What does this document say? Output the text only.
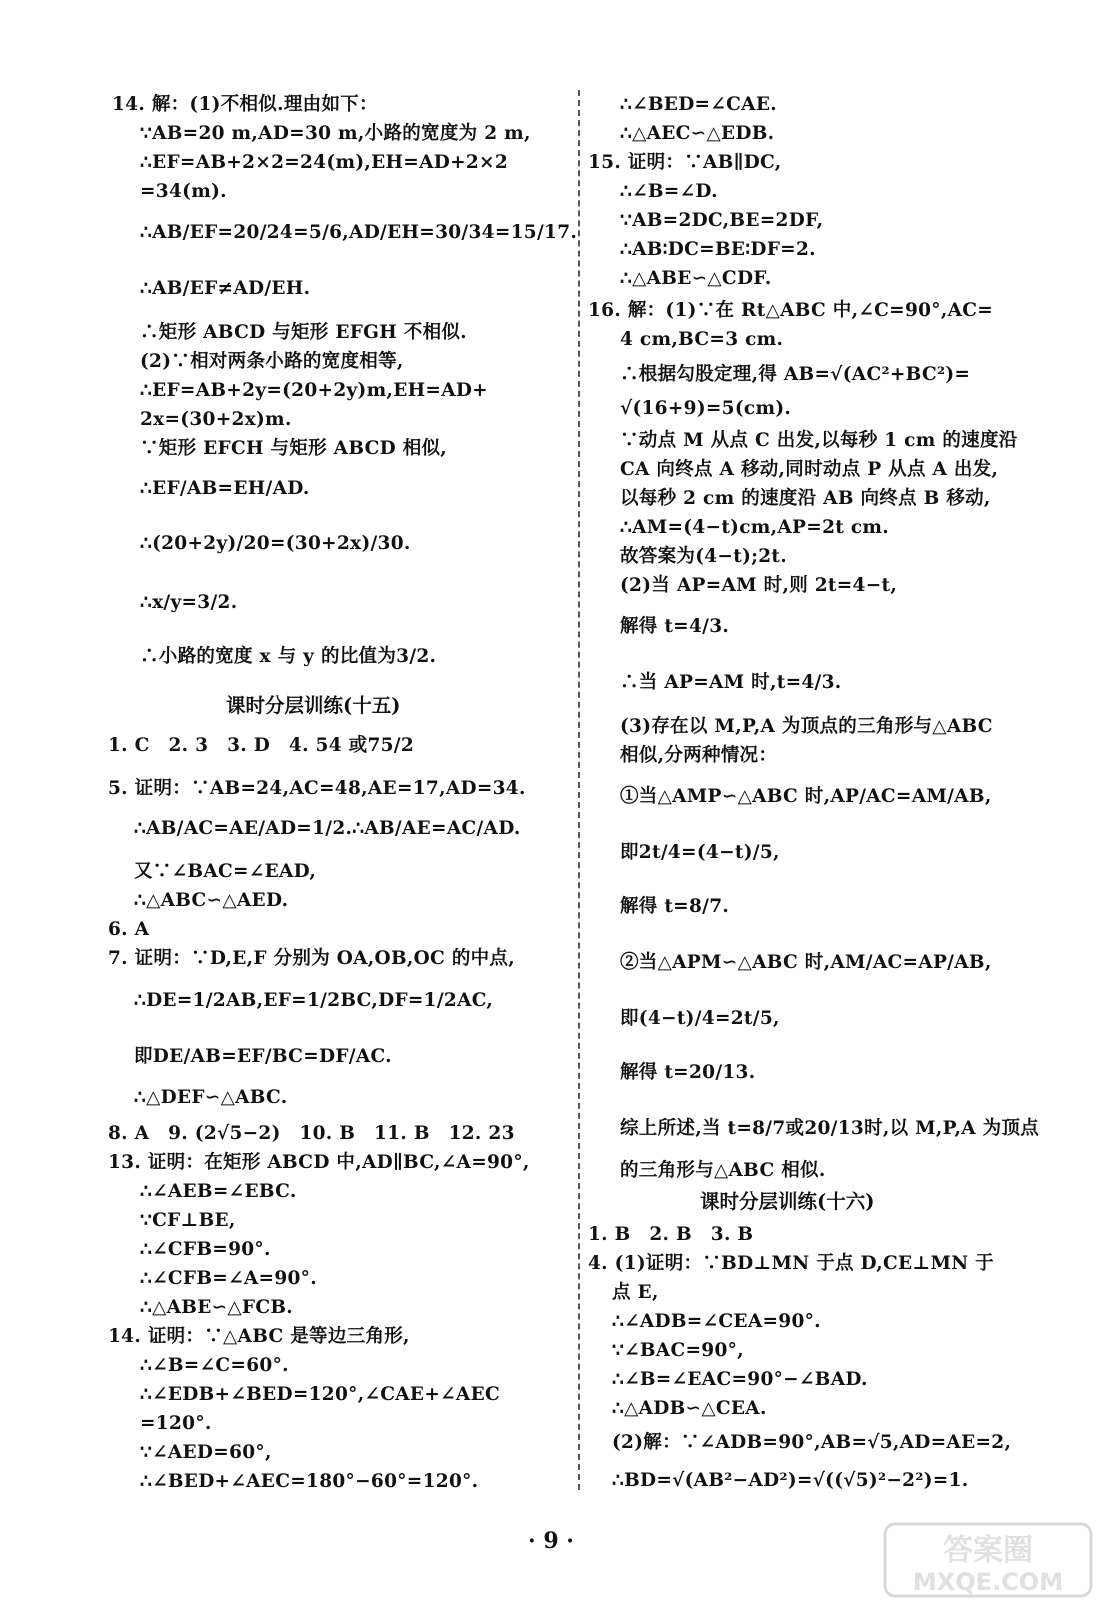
14. 解：(1)不相似.理由如下：
∵AB=20 m,AD=30 m,小路的宽度为 2 m,
∴EF=AB+2×2=24(m),EH=AD+2×2
=34(m).
∴AB/EF=20/24=5/6,AD/EH=30/34=15/17.
∴AB/EF≠AD/EH.
∴矩形 ABCD 与矩形 EFGH 不相似.
(2)∵相对两条小路的宽度相等,
∴EF=AB+2y=(20+2y)m,EH=AD+
2x=(30+2x)m.
∵矩形 EFCH 与矩形 ABCD 相似,
∴EF/AB=EH/AD.
∴(20+2y)/20=(30+2x)/30.
∴x/y=3/2.
∴小路的宽度 x 与 y 的比值为3/2.
1. C　2. 3　3. D　4. 54 或75/2
5. 证明：∵AB=24,AC=48,AE=17,AD=34.
∴AB/AC=AE/AD=1/2.∴AB/AE=AC/AD.
又∵∠BAC=∠EAD,
∴△ABC∽△AED.
6. A
7. 证明：∵D,E,F 分别为 OA,OB,OC 的中点,
∴DE=1/2AB,EF=1/2BC,DF=1/2AC,
即DE/AB=EF/BC=DF/AC.
∴△DEF∽△ABC.
8. A　9. (2√5−2)　10. B　11. B　12. 23
13. 证明：在矩形 ABCD 中,AD∥BC,∠A=90°,
∴∠AEB=∠EBC.
∵CF⊥BE,
∴∠CFB=90°.
∴∠CFB=∠A=90°.
∴△ABE∽△FCB.
14. 证明：∵△ABC 是等边三角形,
∴∠B=∠C=60°.
∴∠EDB+∠BED=120°,∠CAE+∠AEC
=120°.
∵∠AED=60°,
∴∠BED+∠AEC=180°−60°=120°.
课时分层训练(十五)
∴∠BED=∠CAE.
∴△AEC∽△EDB.
15. 证明：∵AB∥DC,
∴∠B=∠D.
∵AB=2DC,BE=2DF,
∴AB∶DC=BE∶DF=2.
∴△ABE∽△CDF.
16. 解：(1)∵在 Rt△ABC 中,∠C=90°,AC=
4 cm,BC=3 cm.
∴根据勾股定理,得 AB=√(AC²+BC²)=
√(16+9)=5(cm).
∵动点 M 从点 C 出发,以每秒 1 cm 的速度沿
CA 向终点 A 移动,同时动点 P 从点 A 出发,
以每秒 2 cm 的速度沿 AB 向终点 B 移动,
∴AM=(4−t)cm,AP=2t cm.
故答案为(4−t);2t.
(2)当 AP=AM 时,则 2t=4−t,
解得 t=4/3.
∴当 AP=AM 时,t=4/3.
(3)存在以 M,P,A 为顶点的三角形与△ABC
相似,分两种情况：
①当△AMP∽△ABC 时,AP/AC=AM/AB,
即2t/4=(4−t)/5,
解得 t=8/7.
②当△APM∽△ABC 时,AM/AC=AP/AB,
即(4−t)/4=2t/5,
解得 t=20/13.
综上所述,当 t=8/7或20/13时,以 M,P,A 为顶点
的三角形与△ABC 相似.
1. B　2. B　3. B
4. (1)证明：∵BD⊥MN 于点 D,CE⊥MN 于
点 E,
∴∠ADB=∠CEA=90°.
∵∠BAC=90°,
∴∠B=∠EAC=90°−∠BAD.
∴△ADB∽△CEA.
(2)解：∵∠ADB=90°,AB=√5,AD=AE=2,
∴BD=√(AB²−AD²)=√((√5)²−2²)=1.
课时分层训练(十六)
· 9 ·	答案圈
MXQE.COM
